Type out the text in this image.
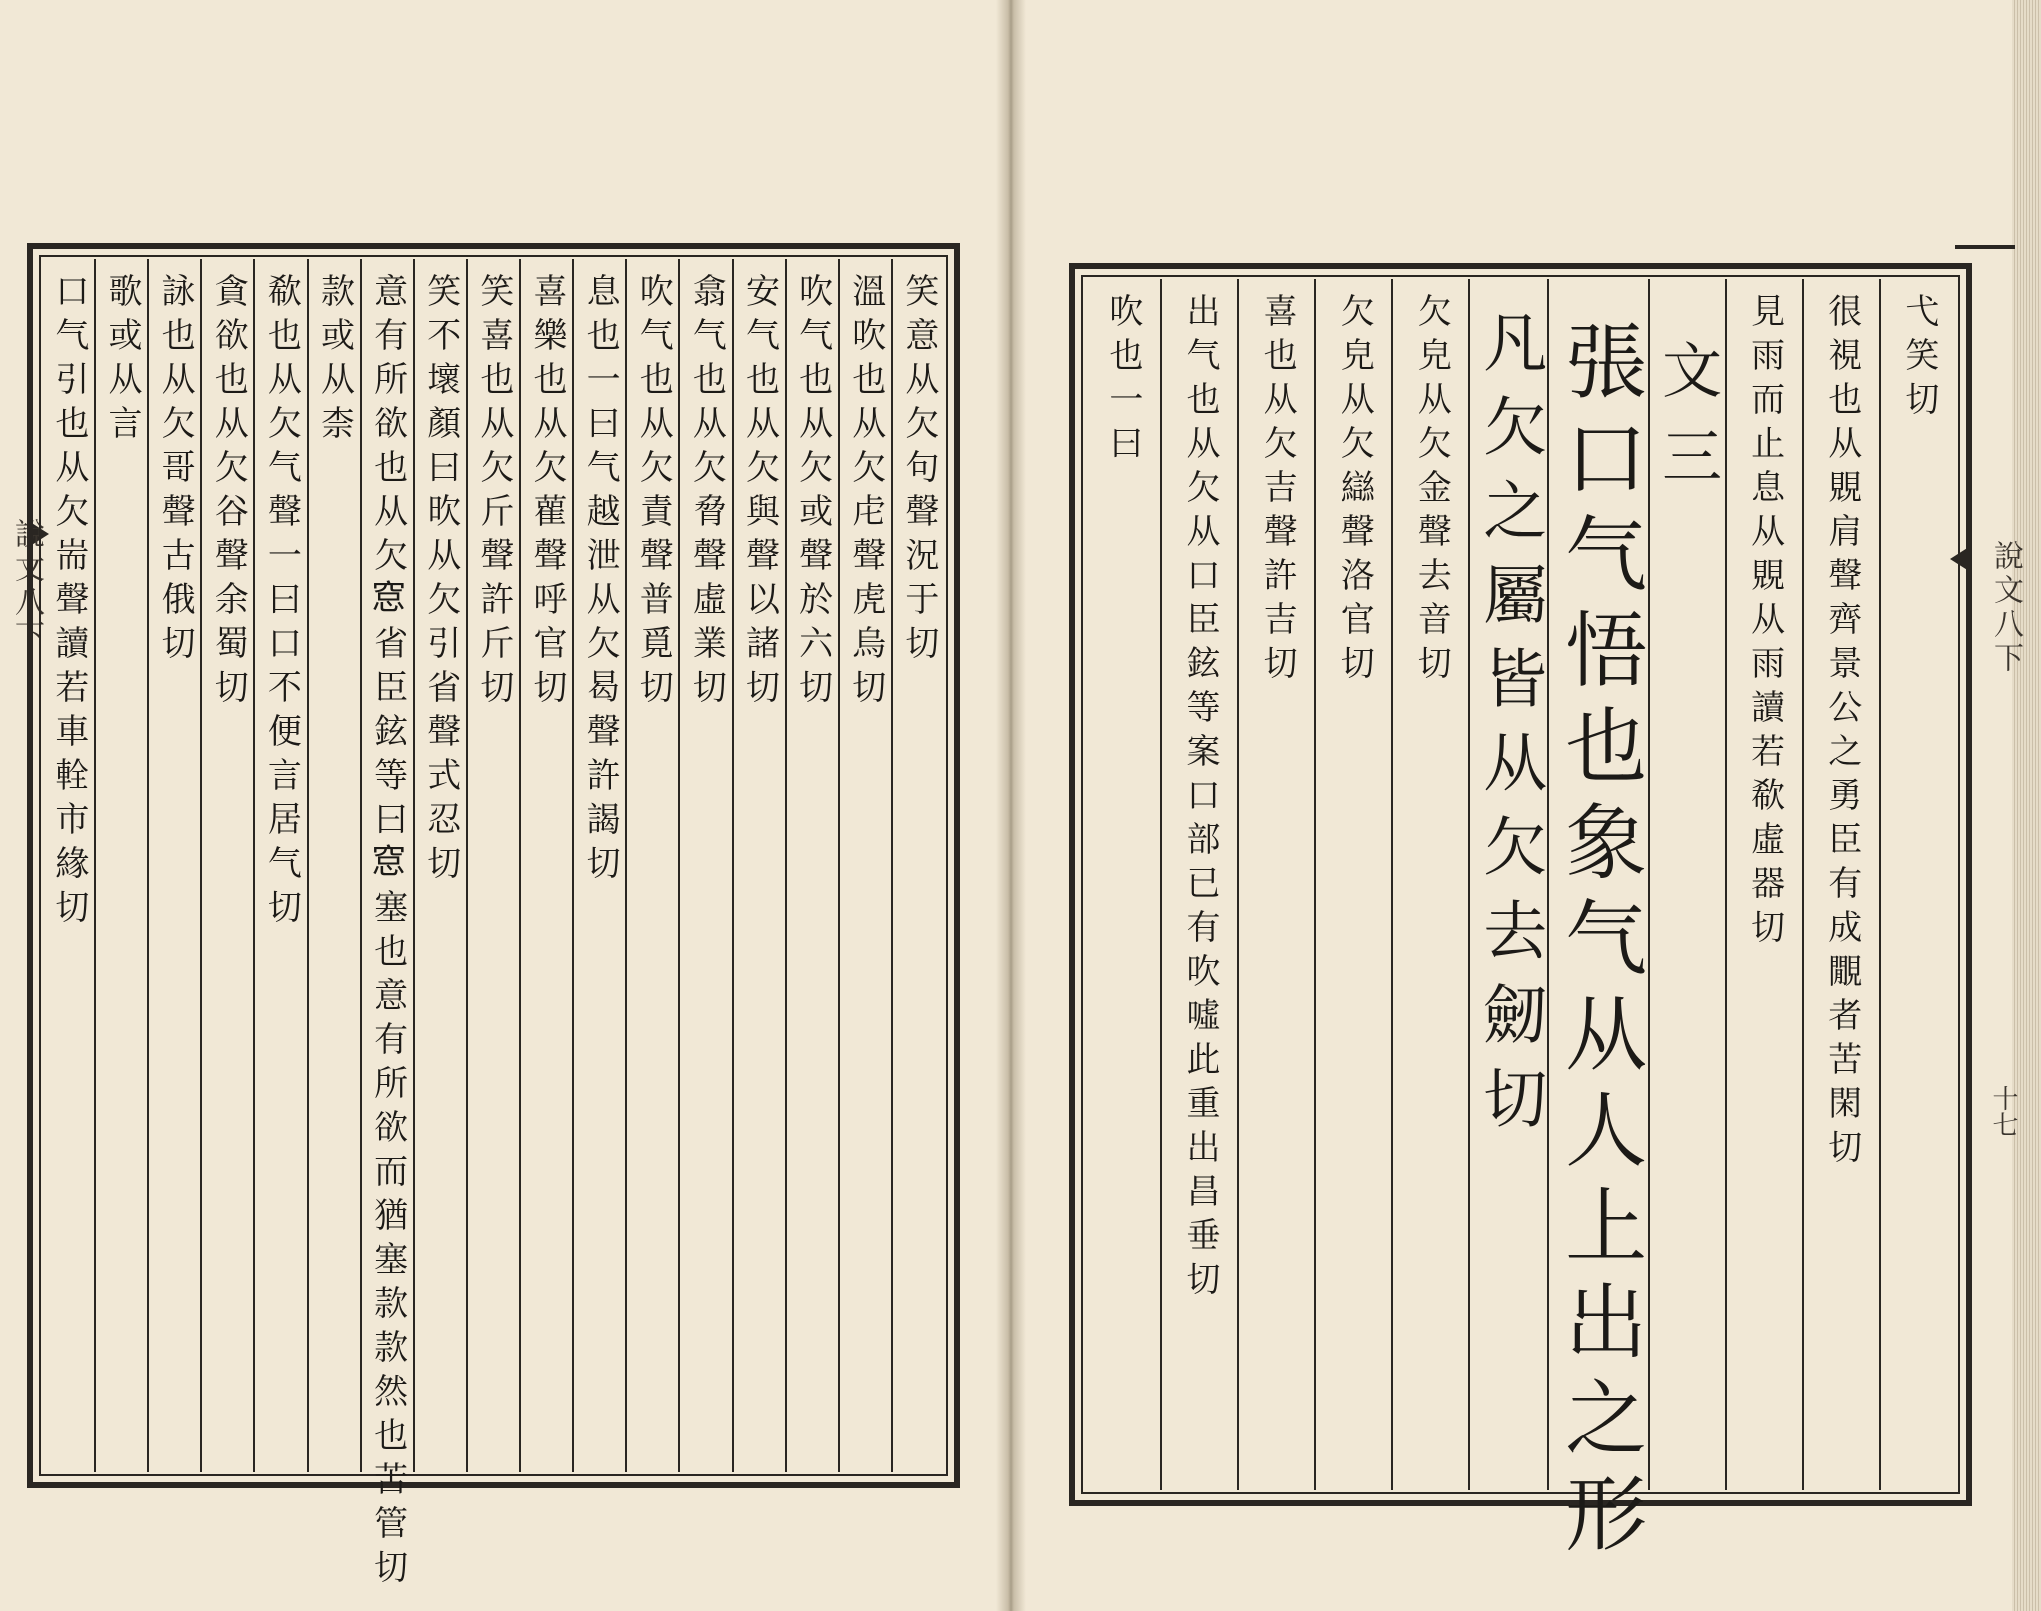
說文八下	說文八下
十七
笑意从欠句聲況于切
溫吹也从欠虍聲虎烏切
吹气也从欠或聲於六切
安气也从欠與聲以諸切
翕气也从欠脅聲虛業切
吹气也从欠責聲普覓切
息也一曰气越泄从欠曷聲許謁切
喜樂也从欠雚聲呼官切
笑喜也从欠斤聲許斤切
笑不壞顏曰欥从欠引省聲式忍切
意有所欲也从欠𥦗省臣鉉等曰𥦗塞也意有所欲而猶塞款款然也苦管切
款或从柰
欷也从欠气聲一曰口不便言居气切
貪欲也从欠谷聲余蜀切
詠也从欠哥聲古俄切
歌或从言
口气引也从欠耑聲讀若車輇市緣切	弋笑切
很視也从覞肩聲齊景公之勇臣有成覵者苦閑切
見雨而止息从覞从雨讀若欷虛器切
文三
張口气悟也象气从人上出之形
凡欠之屬皆从欠去劒切
欠皃从欠金聲去音切
欠皃从欠䜌聲洛官切
喜也从欠吉聲許吉切
出气也从欠从口臣鉉等案口部已有吹噓此重出昌垂切
吹也一曰
